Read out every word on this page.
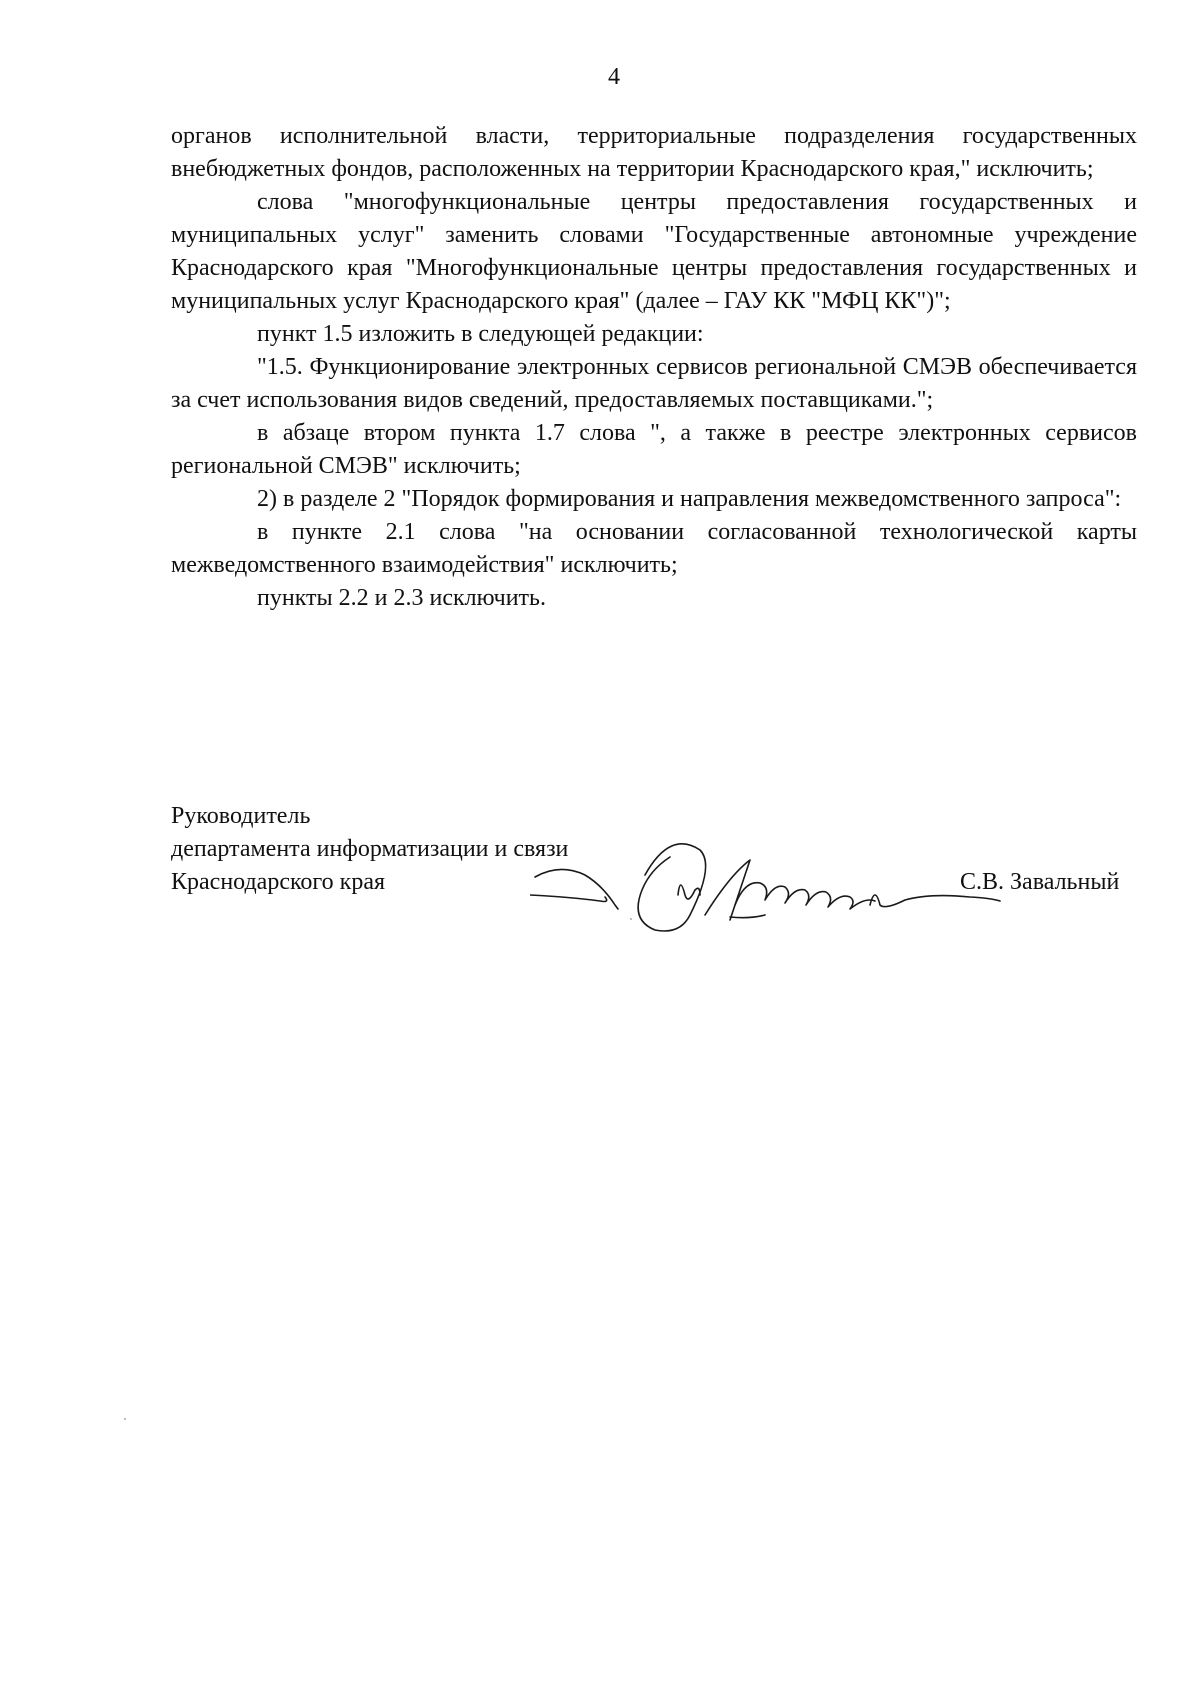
4

органов исполнительной власти, территориальные подразделения государственных внебюджетных фондов, расположенных на территории Краснодарского края," исключить;

слова "многофункциональные центры предоставления государственных и муниципальных услуг" заменить словами "Государственные автономные учреждение Краснодарского края "Многофункциональные центры предоставления государственных и муниципальных услуг Краснодарского края" (далее – ГАУ КК "МФЦ КК")";

пункт 1.5 изложить в следующей редакции:

"1.5. Функционирование электронных сервисов региональной СМЭВ обеспечивается за счет использования видов сведений, предоставляемых поставщиками.";

в абзаце втором пункта 1.7 слова ", а также в реестре электронных сервисов региональной СМЭВ" исключить;

2) в разделе 2 "Порядок формирования и направления межведомственного запроса":

в пункте 2.1 слова "на основании согласованной технологической карты межведомственного взаимодействия" исключить;

пункты 2.2 и 2.3 исключить.

Руководитель
департамента информатизации и связи
Краснодарского края	С.В. Завальный
